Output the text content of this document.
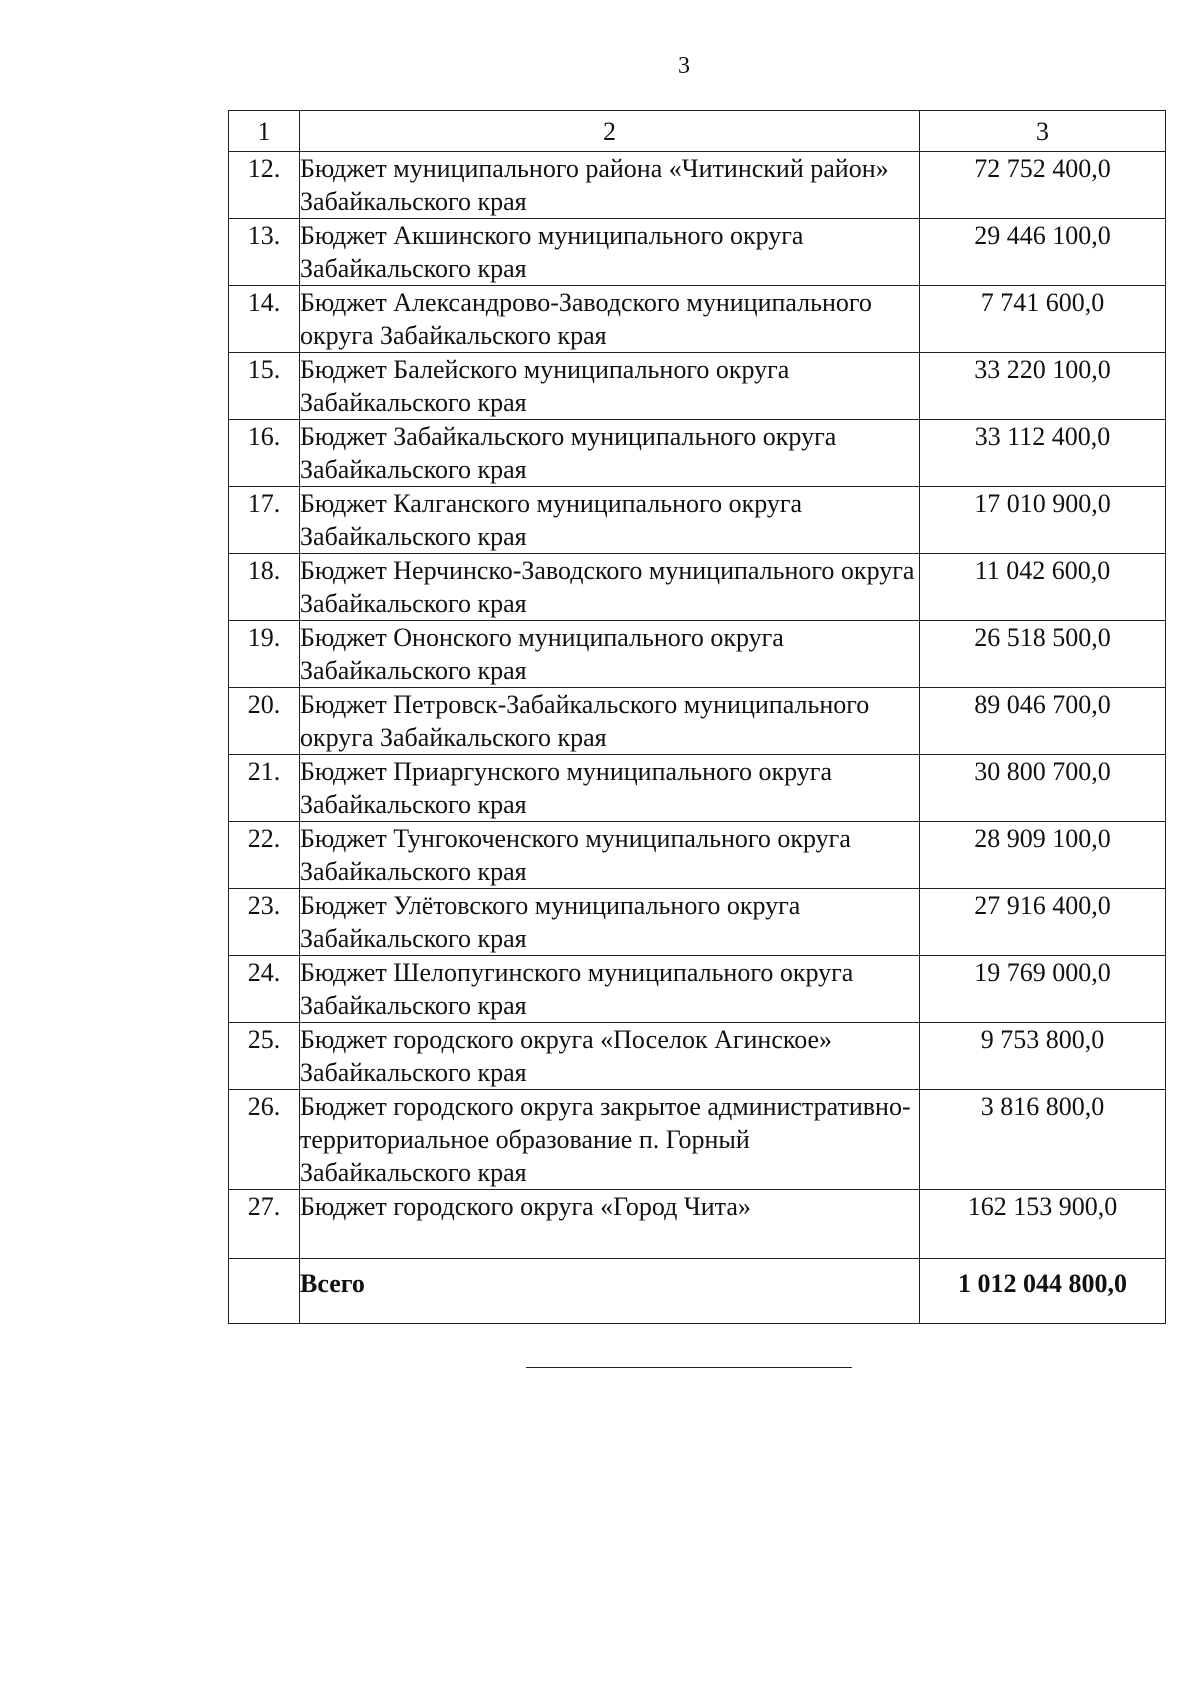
3
1	2	3
12.	Бюджет муниципального района «Читинский район» Забайкальского края	72 752 400,0
13.	Бюджет Акшинского муниципального округа Забайкальского края	29 446 100,0
14.	Бюджет Александрово-Заводского муниципального округа Забайкальского края	7 741 600,0
15.	Бюджет Балейского муниципального округа Забайкальского края	33 220 100,0
16.	Бюджет Забайкальского муниципального округа Забайкальского края	33 112 400,0
17.	Бюджет Калганского муниципального округа Забайкальского края	17 010 900,0
18.	Бюджет Нерчинско-Заводского муниципального округа Забайкальского края	11 042 600,0
19.	Бюджет Ононского муниципального округа Забайкальского края	26 518 500,0
20.	Бюджет Петровск-Забайкальского муниципального округа Забайкальского края	89 046 700,0
21.	Бюджет Приаргунского муниципального округа Забайкальского края	30 800 700,0
22.	Бюджет Тунгокоченского муниципального округа Забайкальского края	28 909 100,0
23.	Бюджет Улётовского муниципального округа Забайкальского края	27 916 400,0
24.	Бюджет Шелопугинского муниципального округа Забайкальского края	19 769 000,0
25.	Бюджет городского округа «Поселок Агинское» Забайкальского края	9 753 800,0
26.	Бюджет городского округа закрытое административно-территориальное образование п. Горный Забайкальского края	3 816 800,0
27.	Бюджет городского округа «Город Чита»	162 153 900,0
	Всего	1 012 044 800,0
